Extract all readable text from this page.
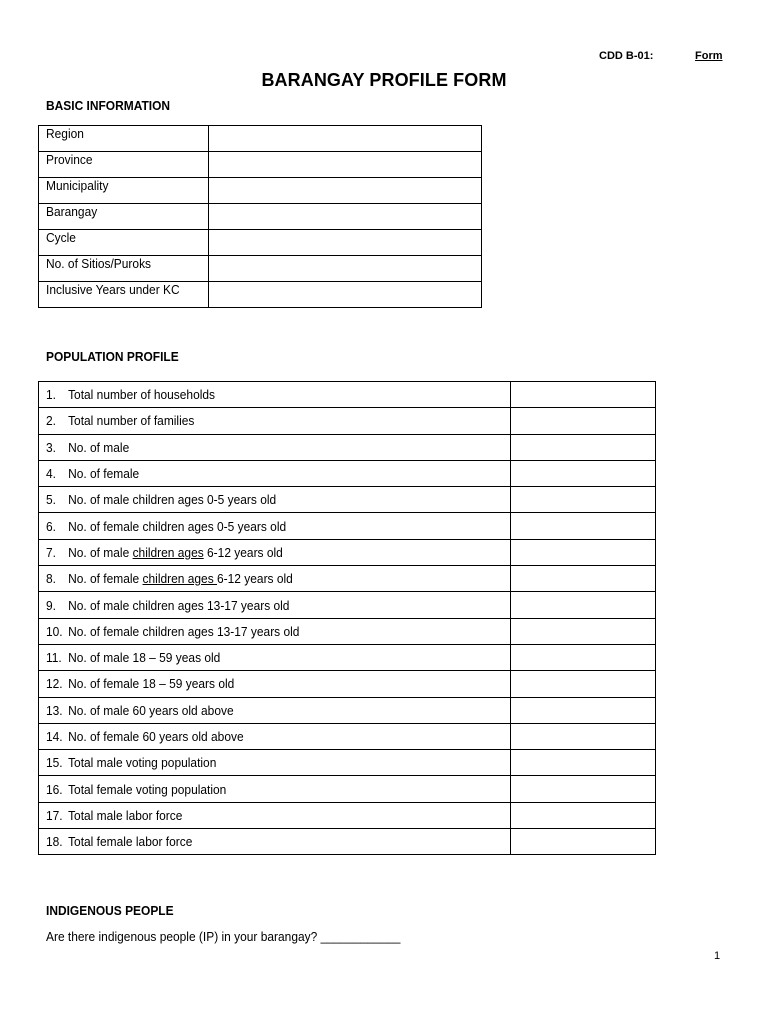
CDD B-01:	Form
BARANGAY PROFILE FORM
BASIC INFORMATION
Region	
Province	
Municipality	
Barangay	
Cycle	
No. of Sitios/Puroks	
Inclusive Years under KC	
POPULATION PROFILE
1. Total number of households	
2. Total number of families	
3. No. of male	
4. No. of female	
5. No. of male children ages 0-5 years old	
6. No. of female children ages 0-5 years old	
7. No. of male children ages 6-12 years old	
8. No. of female children ages 6-12 years old	
9. No. of male children ages 13-17 years old	
10. No. of female children ages 13-17 years old	
11. No. of male 18 – 59 yeas old	
12. No. of female 18 – 59 years old	
13. No. of male 60 years old above	
14. No. of female 60 years old above	
15. Total male voting population	
16. Total female voting population	
17. Total male labor force	
18. Total female labor force	
INDIGENOUS PEOPLE
Are there indigenous people (IP) in your barangay? ____________
1
